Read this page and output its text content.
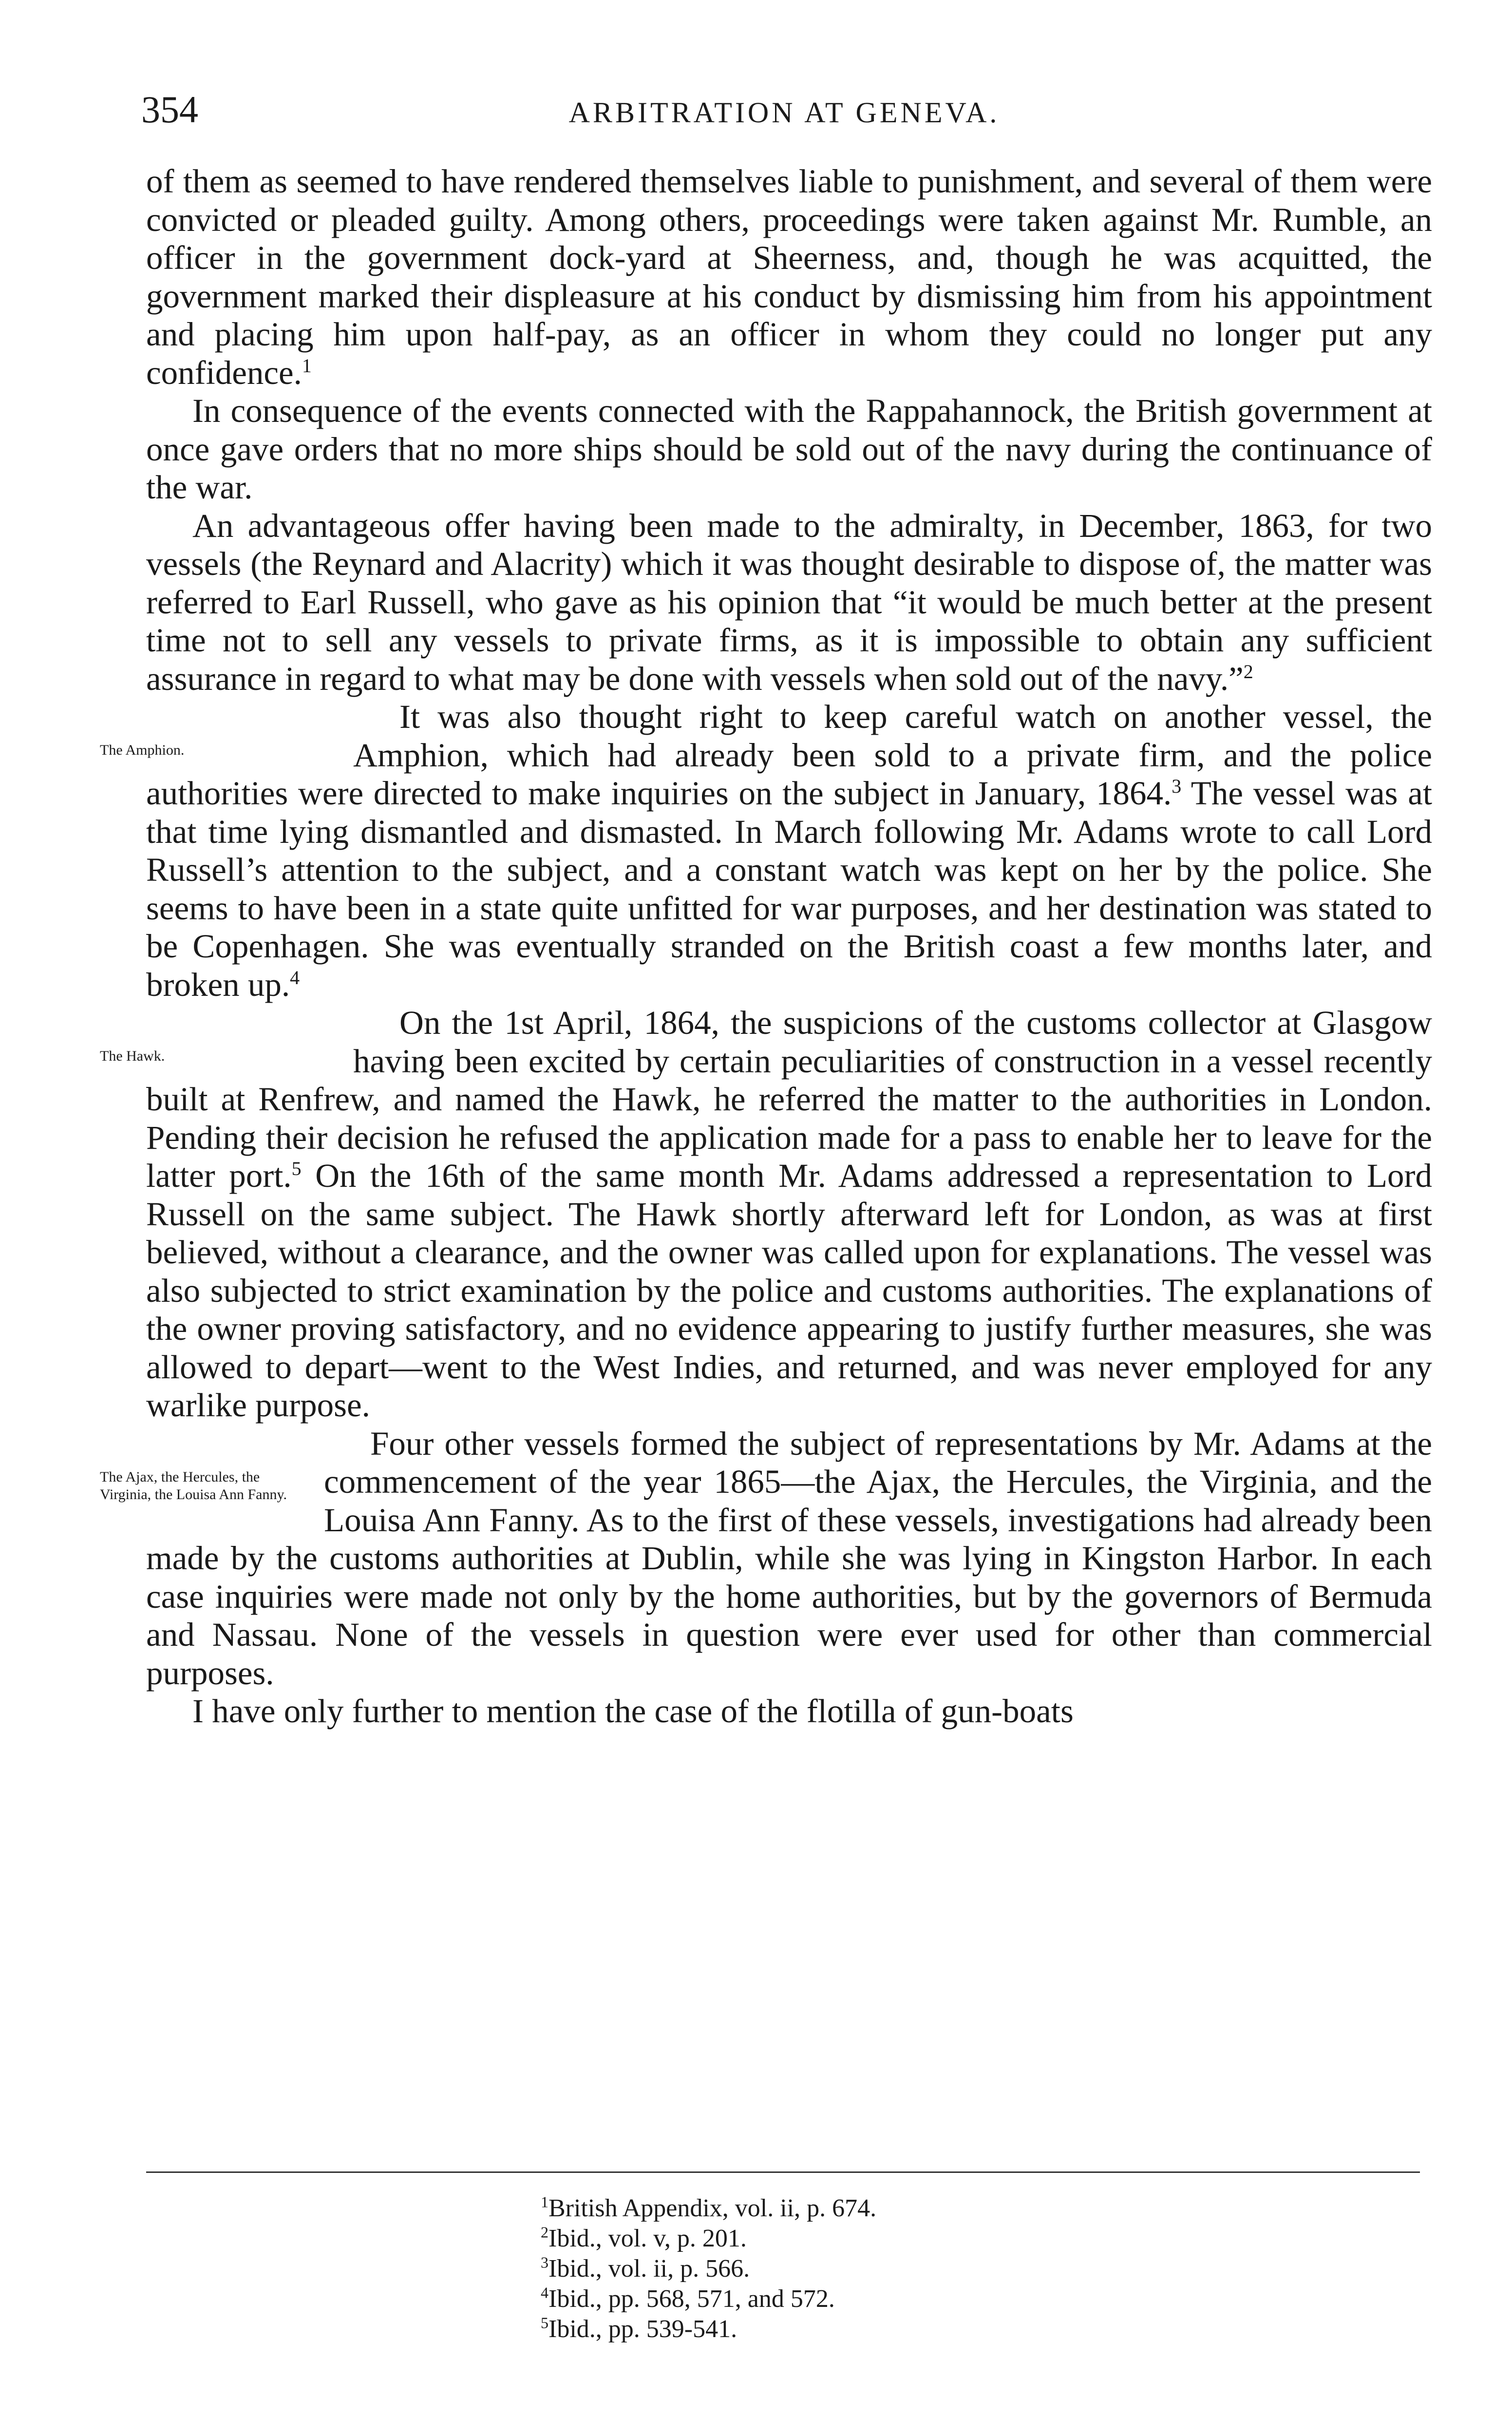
354	ARBITRATION AT GENEVA.

of them as seemed to have rendered themselves liable to punishment, and several of them were convicted or pleaded guilty. Among others, proceedings were taken against Mr. Rumble, an officer in the government dock-yard at Sheerness, and, though he was acquitted, the government marked their displeasure at his conduct by dismissing him from his appointment and placing him upon half-pay, as an officer in whom they could no longer put any confidence.$^1$

In consequence of the events connected with the Rappahannock, the British government at once gave orders that no more ships should be sold out of the navy during the continuance of the war.

An advantageous offer having been made to the admiralty, in December, 1863, for two vessels (the Reynard and Alacrity) which it was thought desirable to dispose of, the matter was referred to Earl Russell, who gave as his opinion that “it would be much better at the present time not to sell any vessels to private firms, as it is impossible to obtain any sufficient assurance in regard to what may be done with vessels when sold out of the navy.”$^2$

The Amphion.
It was also thought right to keep careful watch on another vessel, the Amphion, which had already been sold to a private firm, and the police authorities were directed to make inquiries on the subject in January, 1864.$^3$ The vessel was at that time lying dismantled and dismasted. In March following Mr. Adams wrote to call Lord Russell’s attention to the subject, and a constant watch was kept on her by the police. She seems to have been in a state quite unfitted for war purposes, and her destination was stated to be Copenhagen. She was eventually stranded on the British coast a few months later, and broken up.$^4$

The Hawk.
On the 1st April, 1864, the suspicions of the customs collector at Glasgow having been excited by certain peculiarities of construction in a vessel recently built at Renfrew, and named the Hawk, he referred the matter to the authorities in London. Pending their decision he refused the application made for a pass to enable her to leave for the latter port.$^5$ On the 16th of the same month Mr. Adams addressed a representation to Lord Russell on the same subject. The Hawk shortly afterward left for London, as was at first believed, without a clearance, and the owner was called upon for explanations. The vessel was also subjected to strict examination by the police and customs authorities. The explanations of the owner proving satisfactory, and no evidence appearing to justify further measures, she was allowed to depart—went to the West Indies, and returned, and was never employed for any warlike purpose.

The Ajax, the Hercules, the Virginia, the Louisa Ann Fanny.
Four other vessels formed the subject of representations by Mr. Adams at the commencement of the year 1865—the Ajax, the Hercules, the Virginia, and the Louisa Ann Fanny. As to the first of these vessels, investigations had already been made by the customs authorities at Dublin, while she was lying in Kingston Harbor. In each case inquiries were made not only by the home authorities, but by the governors of Bermuda and Nassau. None of the vessels in question were ever used for other than commercial purposes.

I have only further to mention the case of the flotilla of gun-boats

$^1$British Appendix, vol. ii, p. 674.
$^2$Ibid., vol. v, p. 201.
$^3$Ibid., vol. ii, p. 566.
$^4$Ibid., pp. 568, 571, and 572.
$^5$Ibid., pp. 539-541.
